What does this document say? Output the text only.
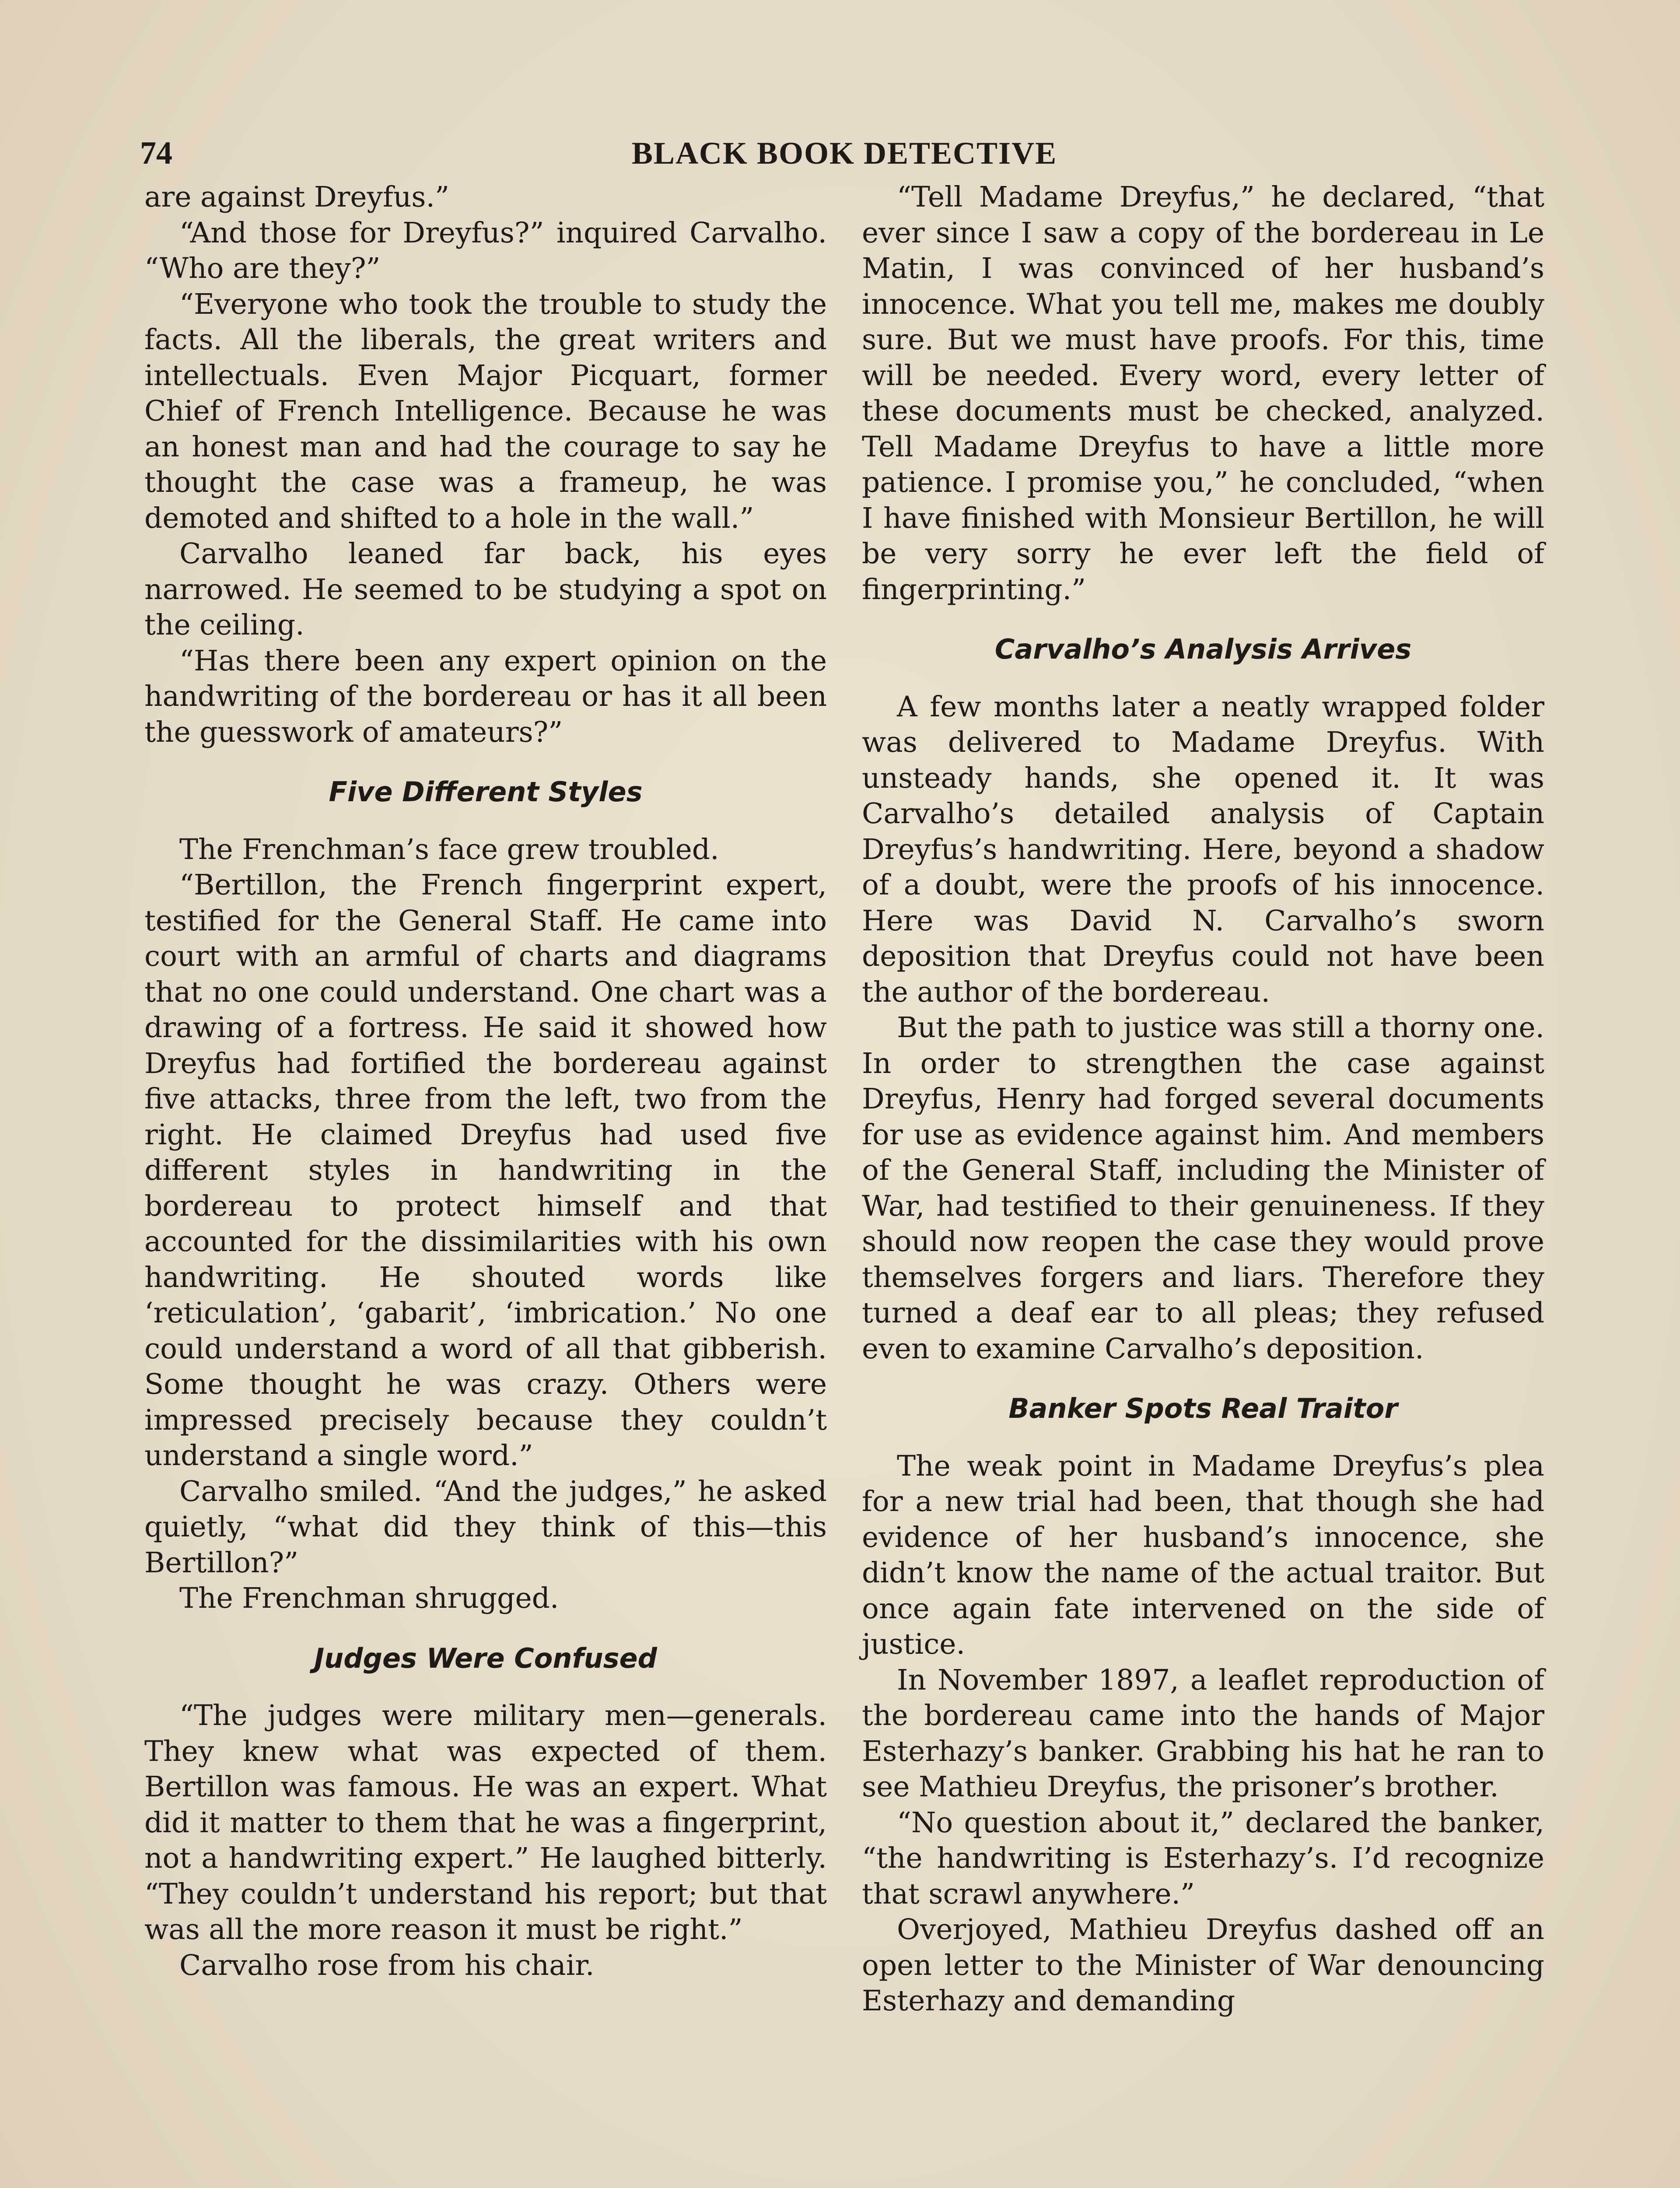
74	BLACK BOOK DETECTIVE

are against Dreyfus.”

“And those for Dreyfus?” inquired Carvalho. “Who are they?”

“Everyone who took the trouble to study the facts. All the liberals, the great writers and intellectuals. Even Major Picquart, former Chief of French Intelligence. Because he was an honest man and had the courage to say he thought the case was a frameup, he was demoted and shifted to a hole in the wall.”

Carvalho leaned far back, his eyes narrowed. He seemed to be studying a spot on the ceiling.

“Has there been any expert opinion on the handwriting of the bordereau or has it all been the guesswork of amateurs?”

Five Different Styles

The Frenchman’s face grew troubled.

“Bertillon, the French fingerprint expert, testified for the General Staff. He came into court with an armful of charts and diagrams that no one could understand. One chart was a drawing of a fortress. He said it showed how Dreyfus had fortified the bordereau against five attacks, three from the left, two from the right. He claimed Dreyfus had used five different styles in handwriting in the bordereau to protect himself and that accounted for the dissimilarities with his own handwriting. He shouted words like ‘reticulation’, ‘gabarit’, ‘imbrication.’ No one could understand a word of all that gibberish. Some thought he was crazy. Others were impressed precisely because they couldn’t understand a single word.”

Carvalho smiled. “And the judges,” he asked quietly, “what did they think of this—this Bertillon?”

The Frenchman shrugged.

Judges Were Confused

“The judges were military men—generals. They knew what was expected of them. Bertillon was famous. He was an expert. What did it matter to them that he was a fingerprint, not a handwriting expert.” He laughed bitterly. “They couldn’t understand his report; but that was all the more reason it must be right.”

Carvalho rose from his chair.

“Tell Madame Dreyfus,” he declared, “that ever since I saw a copy of the bordereau in Le Matin, I was convinced of her husband’s innocence. What you tell me, makes me doubly sure. But we must have proofs. For this, time will be needed. Every word, every letter of these documents must be checked, analyzed. Tell Madame Dreyfus to have a little more patience. I promise you,” he concluded, “when I have finished with Monsieur Bertillon, he will be very sorry he ever left the field of fingerprinting.”

Carvalho’s Analysis Arrives

A few months later a neatly wrapped folder was delivered to Madame Dreyfus. With unsteady hands, she opened it. It was Carvalho’s detailed analysis of Captain Dreyfus’s handwriting. Here, beyond a shadow of a doubt, were the proofs of his innocence. Here was David N. Carvalho’s sworn deposition that Dreyfus could not have been the author of the bordereau.

But the path to justice was still a thorny one. In order to strengthen the case against Dreyfus, Henry had forged several documents for use as evidence against him. And members of the General Staff, including the Minister of War, had testified to their genuineness. If they should now reopen the case they would prove themselves forgers and liars. Therefore they turned a deaf ear to all pleas; they refused even to examine Carvalho’s deposition.

Banker Spots Real Traitor

The weak point in Madame Dreyfus’s plea for a new trial had been, that though she had evidence of her husband’s innocence, she didn’t know the name of the actual traitor. But once again fate intervened on the side of justice.

In November 1897, a leaflet reproduction of the bordereau came into the hands of Major Esterhazy’s banker. Grabbing his hat he ran to see Mathieu Dreyfus, the prisoner’s brother.

“No question about it,” declared the banker, “the handwriting is Esterhazy’s. I’d recognize that scrawl anywhere.”

Overjoyed, Mathieu Dreyfus dashed off an open letter to the Minister of War denouncing Esterhazy and demanding
